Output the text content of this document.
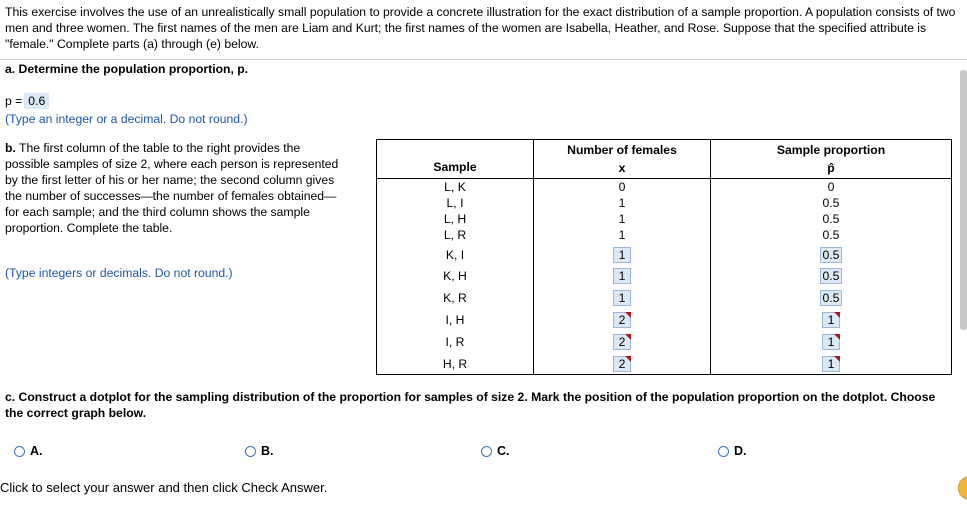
This exercise involves the use of an unrealistically small population to provide a concrete illustration for the exact distribution of a sample proportion. A population consists of two men and three women. The first names of the men are Liam and Kurt; the first names of the women are Isabella, Heather, and Rose. Suppose that the specified attribute is "female." Complete parts (a) through (e) below.
a. Determine the population proportion, p.
p = 0.6
(Type an integer or a decimal. Do not round.)
b. The first column of the table to the right provides the possible samples of size 2, where each person is represented by the first letter of his or her name; the second column gives the number of successes—the number of females obtained—for each sample; and the third column shows the sample proportion. Complete the table.
(Type integers or decimals. Do not round.)
Sample
Number of females
x
Sample proportion
p̂
L, K	0	0
L, I	1	0.5
L, H	1	0.5
L, R	1	0.5
K, I	1	0.5
K, H	1	0.5
K, R	1	0.5
I, H	2	1
I, R	2	1
H, R	2	1
c. Construct a dotplot for the sampling distribution of the proportion for samples of size 2. Mark the position of the population proportion on the dotplot. Choose the correct graph below.
A.	B.	C.	D.
Click to select your answer and then click Check Answer.
